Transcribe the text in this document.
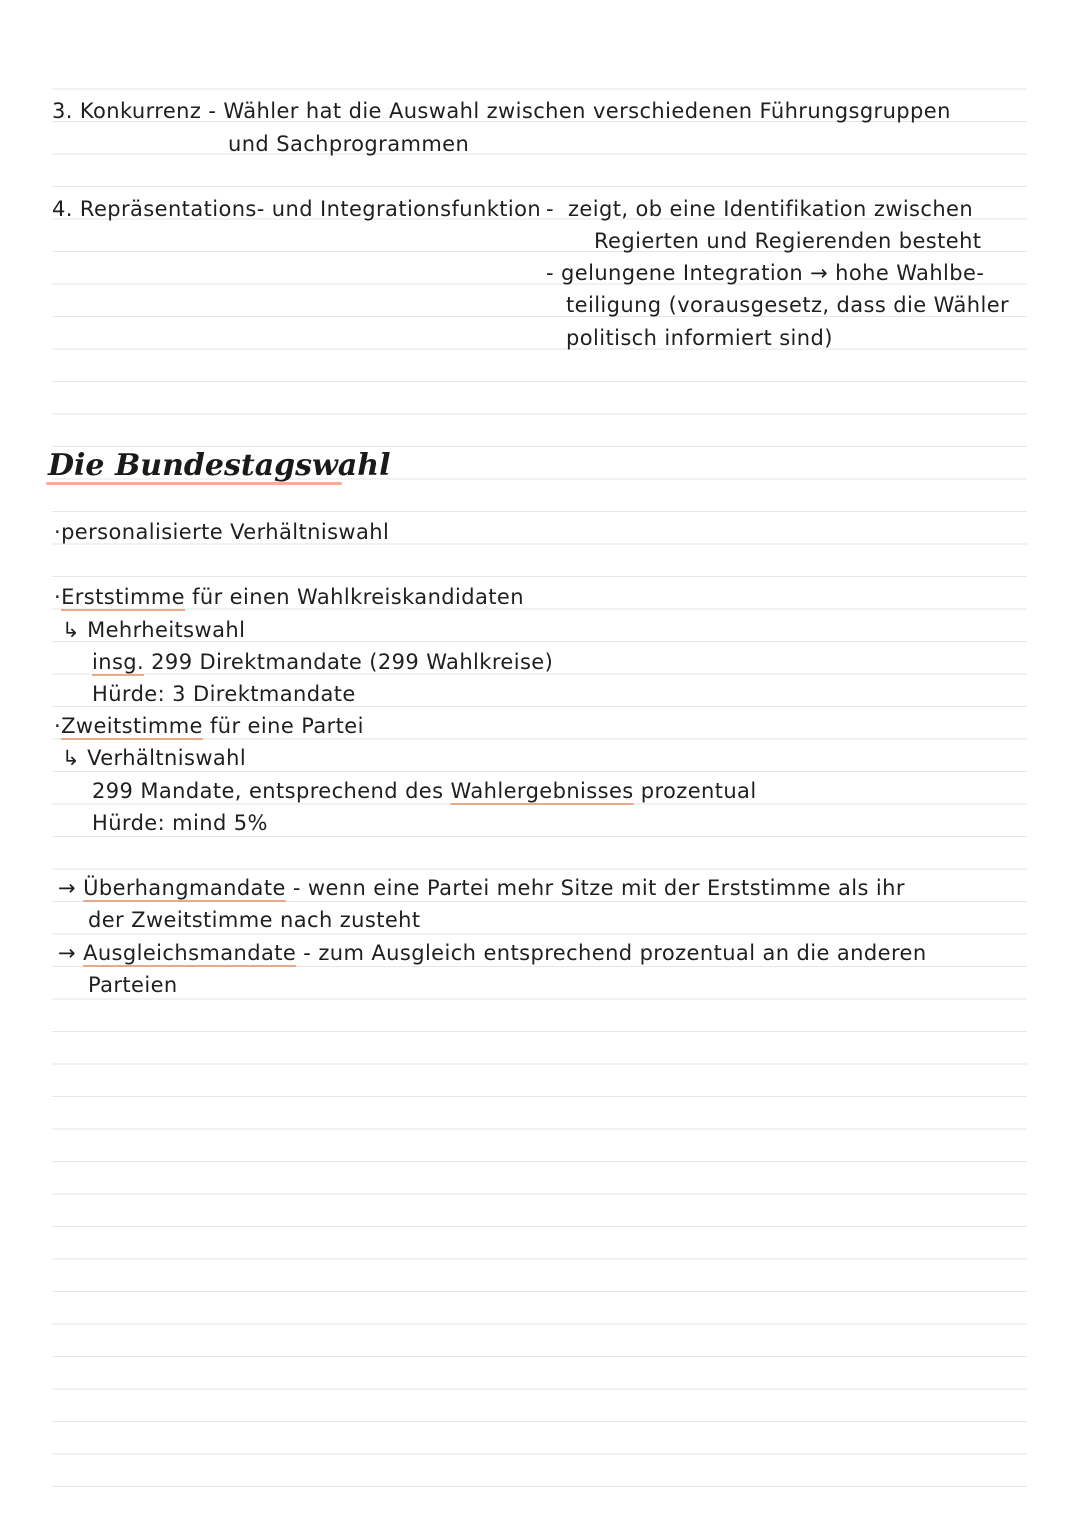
3. Konkurrenz - Wähler hat die Auswahl zwischen verschiedenen Führungsgruppen
und Sachprogrammen
4. Repräsentations- und Integrationsfunktion - zeigt, ob eine Identifikation zwischen
Regierten und Regierenden besteht
- gelungene Integration → hohe Wahlbe-
teiligung (vorausgesetz, dass die Wähler
politisch informiert sind)
Die Bundestagswahl
·personalisierte Verhältniswahl
·Erststimme für einen Wahlkreiskandidaten
↳ Mehrheitswahl
insg. 299 Direktmandate (299 Wahlkreise)
Hürde: 3 Direktmandate
·Zweitstimme für eine Partei
↳ Verhältniswahl
299 Mandate, entsprechend des Wahlergebnisses prozentual
Hürde: mind 5%
→ Überhangmandate - wenn eine Partei mehr Sitze mit der Erststimme als ihr
der Zweitstimme nach zusteht
→ Ausgleichsmandate - zum Ausgleich entsprechend prozentual an die anderen
Parteien
